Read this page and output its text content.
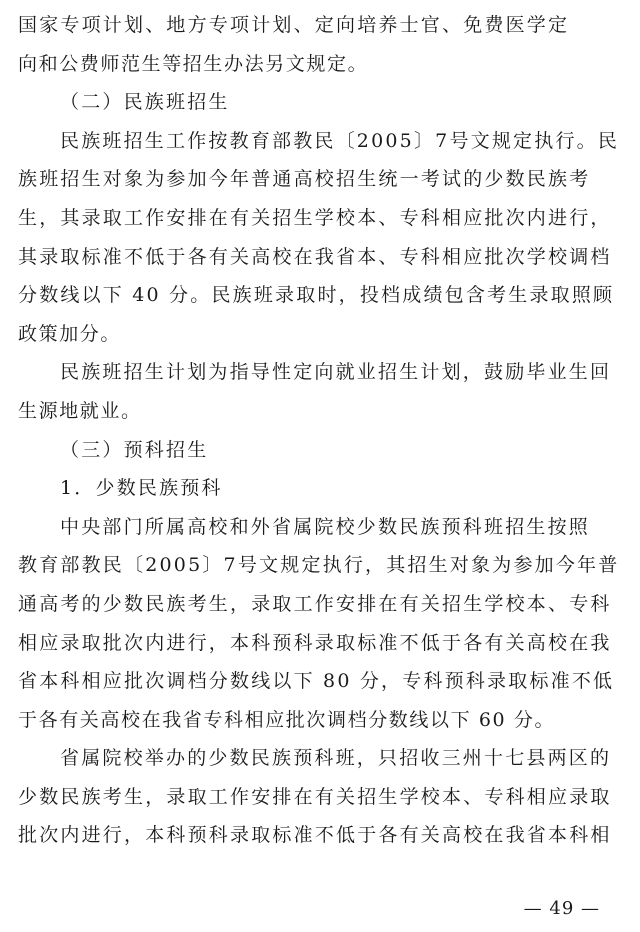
国家专项计划、地方专项计划、定向培养士官、免费医学定
向和公费师范生等招生办法另文规定。
（二）民族班招生
民族班招生工作按教育部教民〔2005〕7号文规定执行。民
族班招生对象为参加今年普通高校招生统一考试的少数民族考
生，其录取工作安排在有关招生学校本、专科相应批次内进行，
其录取标准不低于各有关高校在我省本、专科相应批次学校调档
分数线以下 40 分。民族班录取时，投档成绩包含考生录取照顾
政策加分。
民族班招生计划为指导性定向就业招生计划，鼓励毕业生回
生源地就业。
（三）预科招生
1．少数民族预科
中央部门所属高校和外省属院校少数民族预科班招生按照
教育部教民〔2005〕7号文规定执行，其招生对象为参加今年普
通高考的少数民族考生，录取工作安排在有关招生学校本、专科
相应录取批次内进行，本科预科录取标准不低于各有关高校在我
省本科相应批次调档分数线以下 80 分，专科预科录取标准不低
于各有关高校在我省专科相应批次调档分数线以下 60 分。
省属院校举办的少数民族预科班，只招收三州十七县两区的
少数民族考生，录取工作安排在有关招生学校本、专科相应录取
批次内进行，本科预科录取标准不低于各有关高校在我省本科相
— 49 —
